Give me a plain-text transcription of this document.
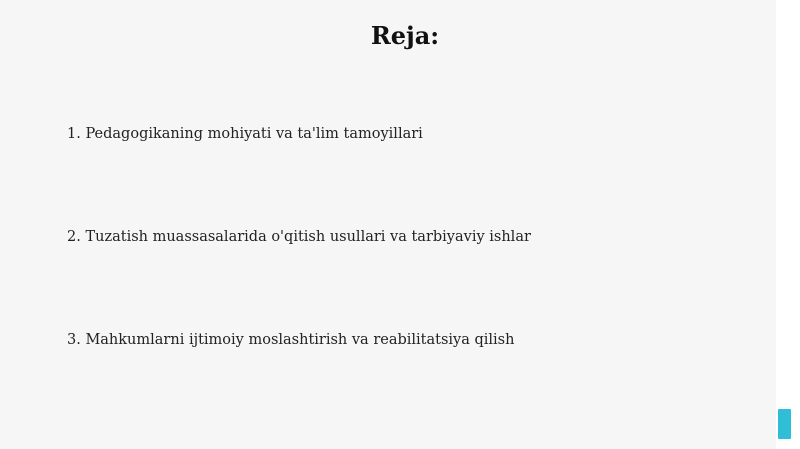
Reja:
1. Pedagogikaning mohiyati va ta'lim tamoyillari
2. Tuzatish muassasalarida o'qitish usullari va tarbiyaviy ishlar
3. Mahkumlarni ijtimoiy moslashtirish va reabilitatsiya qilish
